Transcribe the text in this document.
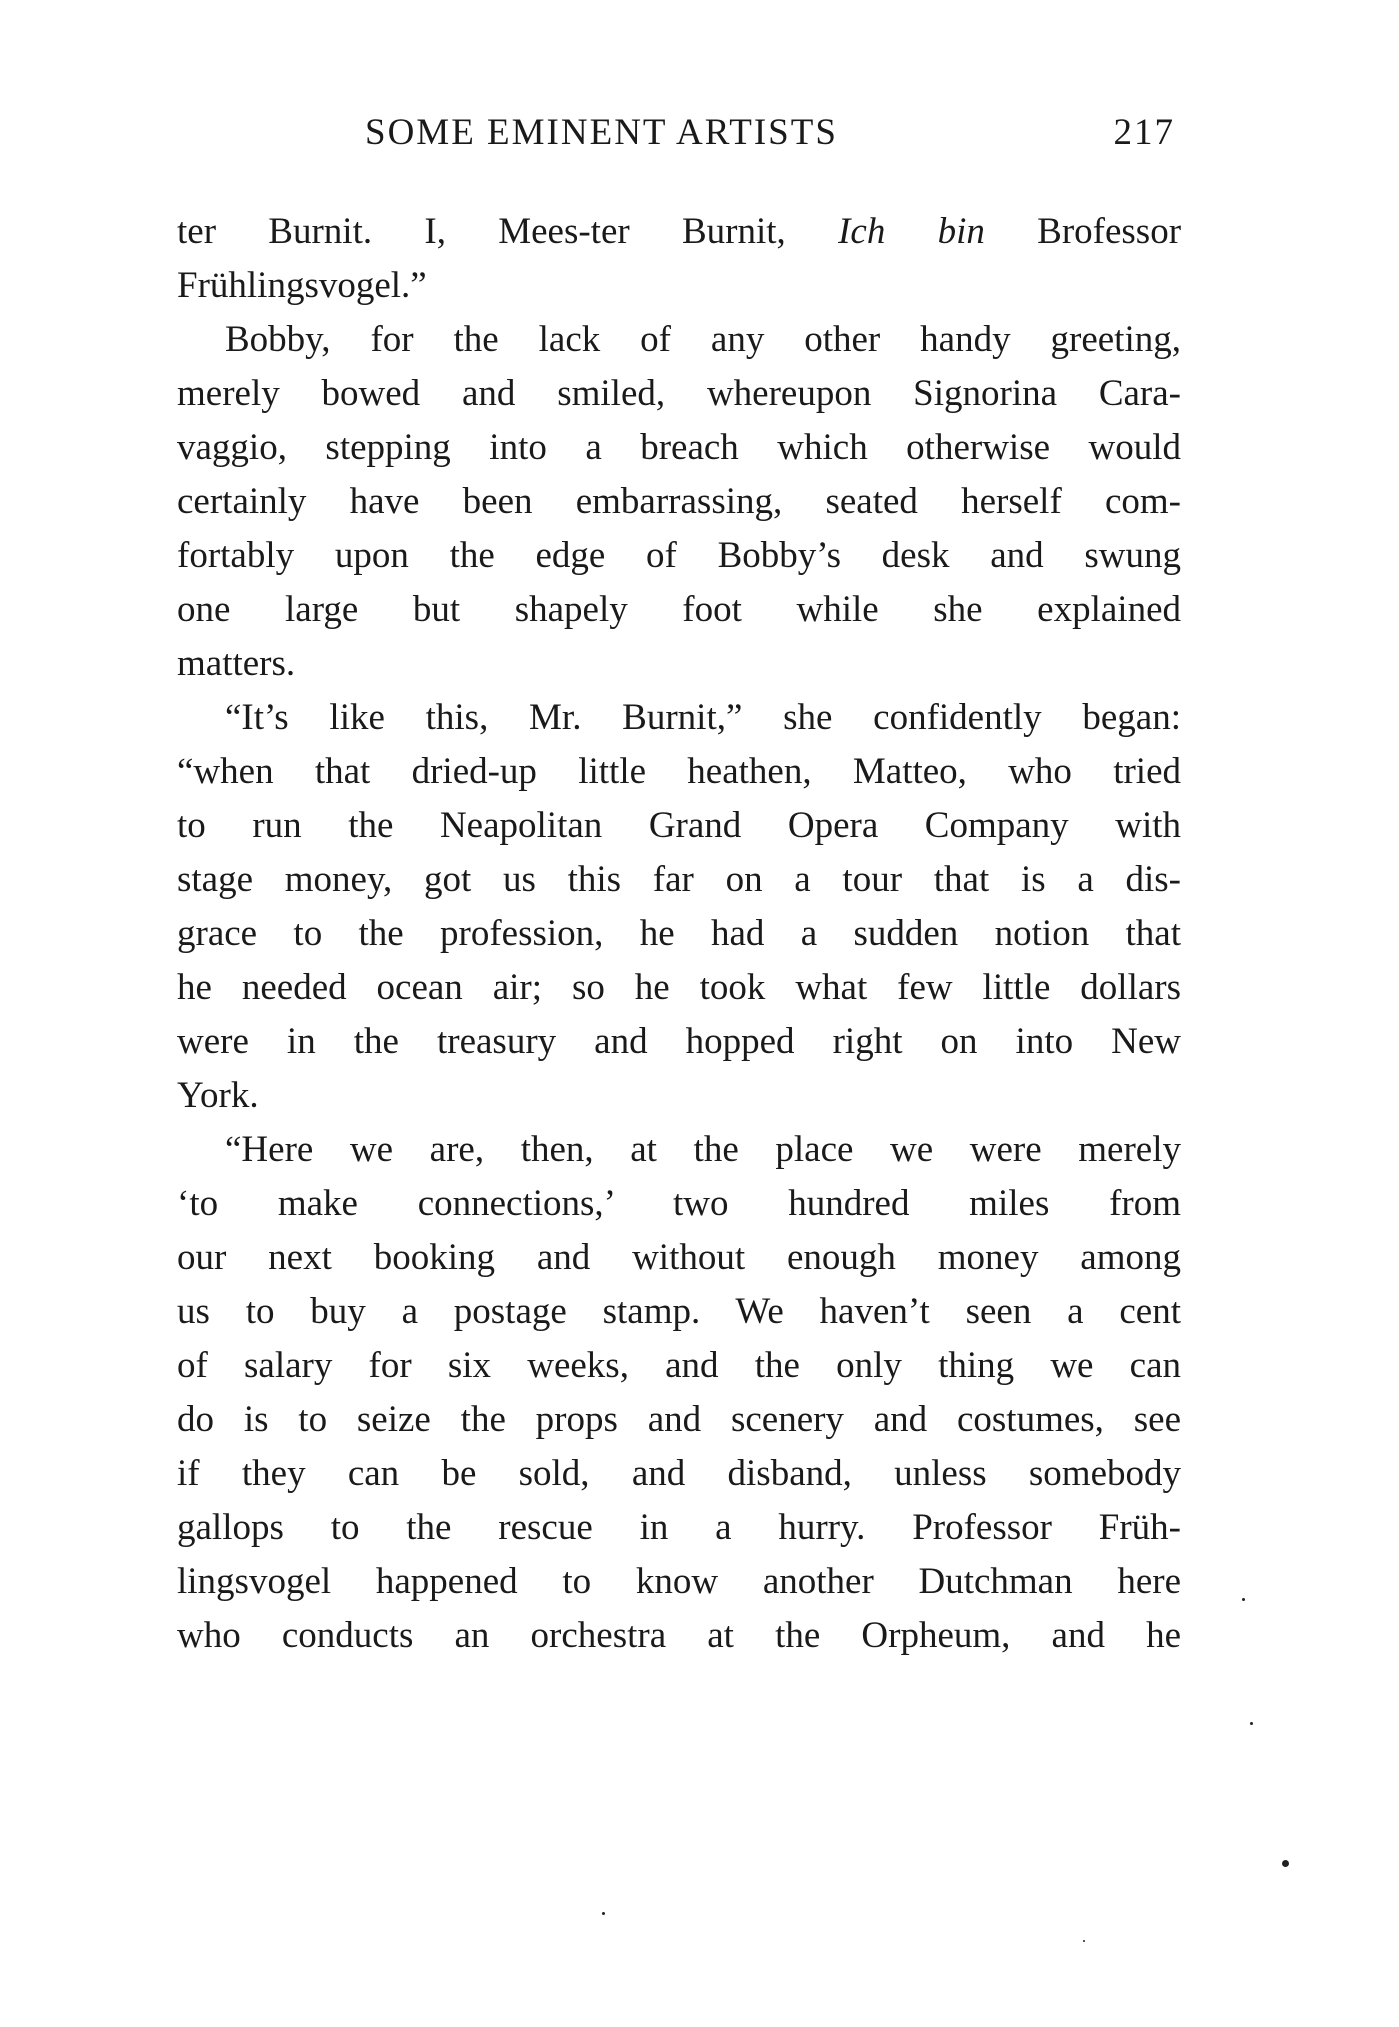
SOME EMINENT ARTISTS	217
ter Burnit. I, Mees-ter Burnit, Ich bin Brofessor
Frühlingsvogel.”
Bobby, for the lack of any other handy greeting,
merely bowed and smiled, whereupon Signorina Cara-
vaggio, stepping into a breach which otherwise would
certainly have been embarrassing, seated herself com-
fortably upon the edge of Bobby’s desk and swung
one large but shapely foot while she explained
matters.
“It’s like this, Mr. Burnit,” she confidently began:
“when that dried-up little heathen, Matteo, who tried
to run the Neapolitan Grand Opera Company with
stage money, got us this far on a tour that is a dis-
grace to the profession, he had a sudden notion that
he needed ocean air; so he took what few little dollars
were in the treasury and hopped right on into New
York.
“Here we are, then, at the place we were merely
‘to make connections,’ two hundred miles from
our next booking and without enough money among
us to buy a postage stamp. We haven’t seen a cent
of salary for six weeks, and the only thing we can
do is to seize the props and scenery and costumes, see
if they can be sold, and disband, unless somebody
gallops to the rescue in a hurry. Professor Früh-
lingsvogel happened to know another Dutchman here
who conducts an orchestra at the Orpheum, and he
